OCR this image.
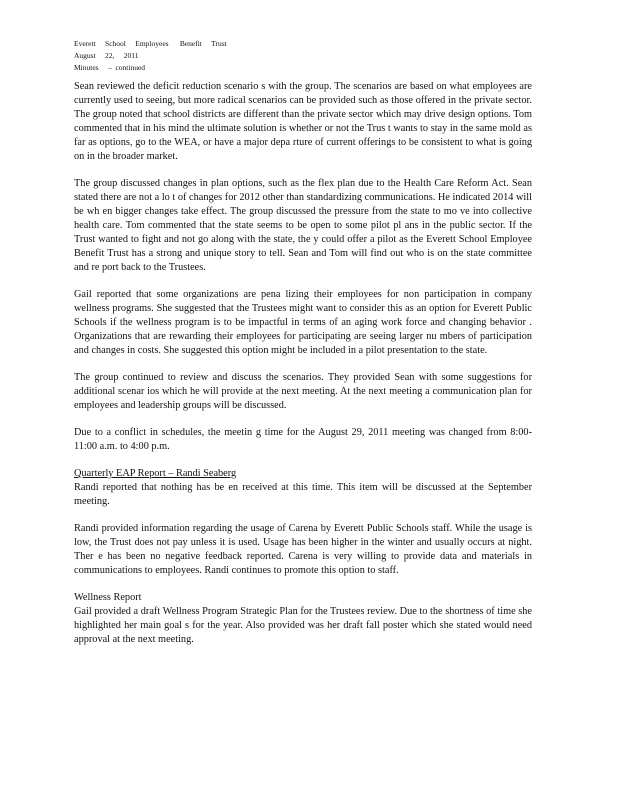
Everett     School     Employees      Benefit     Trust
August     22,     2011
Minutes     –  continued

Sean reviewed the deficit reduction scenario s with the group. The scenarios are based on what employees are currently used to seeing, but more radical scenarios can be provided such as those offered in the private sector. The group noted that school districts are different than the private sector which may drive design options. Tom commented that in his mind the ultimate solution is whether or not the Trus t wants to stay in the same mold as far as options, go to the WEA, or have a major depa rture of current offerings to be consistent to what is going on in the broader market.

The group discussed changes in plan options, such as the flex plan due to the Health Care Reform Act. Sean stated there are not a lo t of changes for 2012 other than standardizing communications. He indicated 2014 will be wh en bigger changes take effect. The group discussed the pressure from the state to mo ve into collective health care. Tom commented that the state seems to be open to some pilot pl ans in the public sector. If the Trust wanted to fight and not go along with the state, the y could offer a pilot as the Everett School Employee Benefit Trust has a strong and unique story to tell. Sean and Tom will find out who is on the state committee and re port back to the Trustees.

Gail reported that some organizations are pena lizing their employees for non participation in company wellness programs. She suggested that the Trustees might want to consider this as an option for Everett Public Schools if the wellness program is to be impactful in terms of an aging work force and changing behavior . Organizations that are rewarding their employees for participating are seeing larger nu mbers of participation and changes in costs. She suggested this option might be included in a pilot presentation to the state.

The group continued to review and discuss the scenarios. They provided Sean with some suggestions for additional scenar ios which he will provide at the next meeting. At the next meeting a communication plan for employees and leadership groups will be discussed.

Due to a conflict in schedules, the meetin g time for the August 29, 2011 meeting was changed from 8:00-11:00 a.m. to 4:00 p.m.

Quarterly EAP Report – Randi Seaberg

Randi reported that nothing has be en received at this time. This item will be discussed at the September meeting.

Randi provided information regarding the usage of Carena by Everett Public Schools staff. While the usage is low, the Trust does not pay unless it is used. Usage has been higher in the winter and usually occurs at night. Ther e has been no negative feedback reported. Carena is very willing to provide data and materials in communications to employees. Randi continues to promote this option to staff.

Wellness Report

Gail provided a draft Wellness Program Strategic Plan for the Trustees review. Due to the shortness of time she highlighted her main goal s for the year. Also provided was her draft fall poster which she stated would need approval at the next meeting.
